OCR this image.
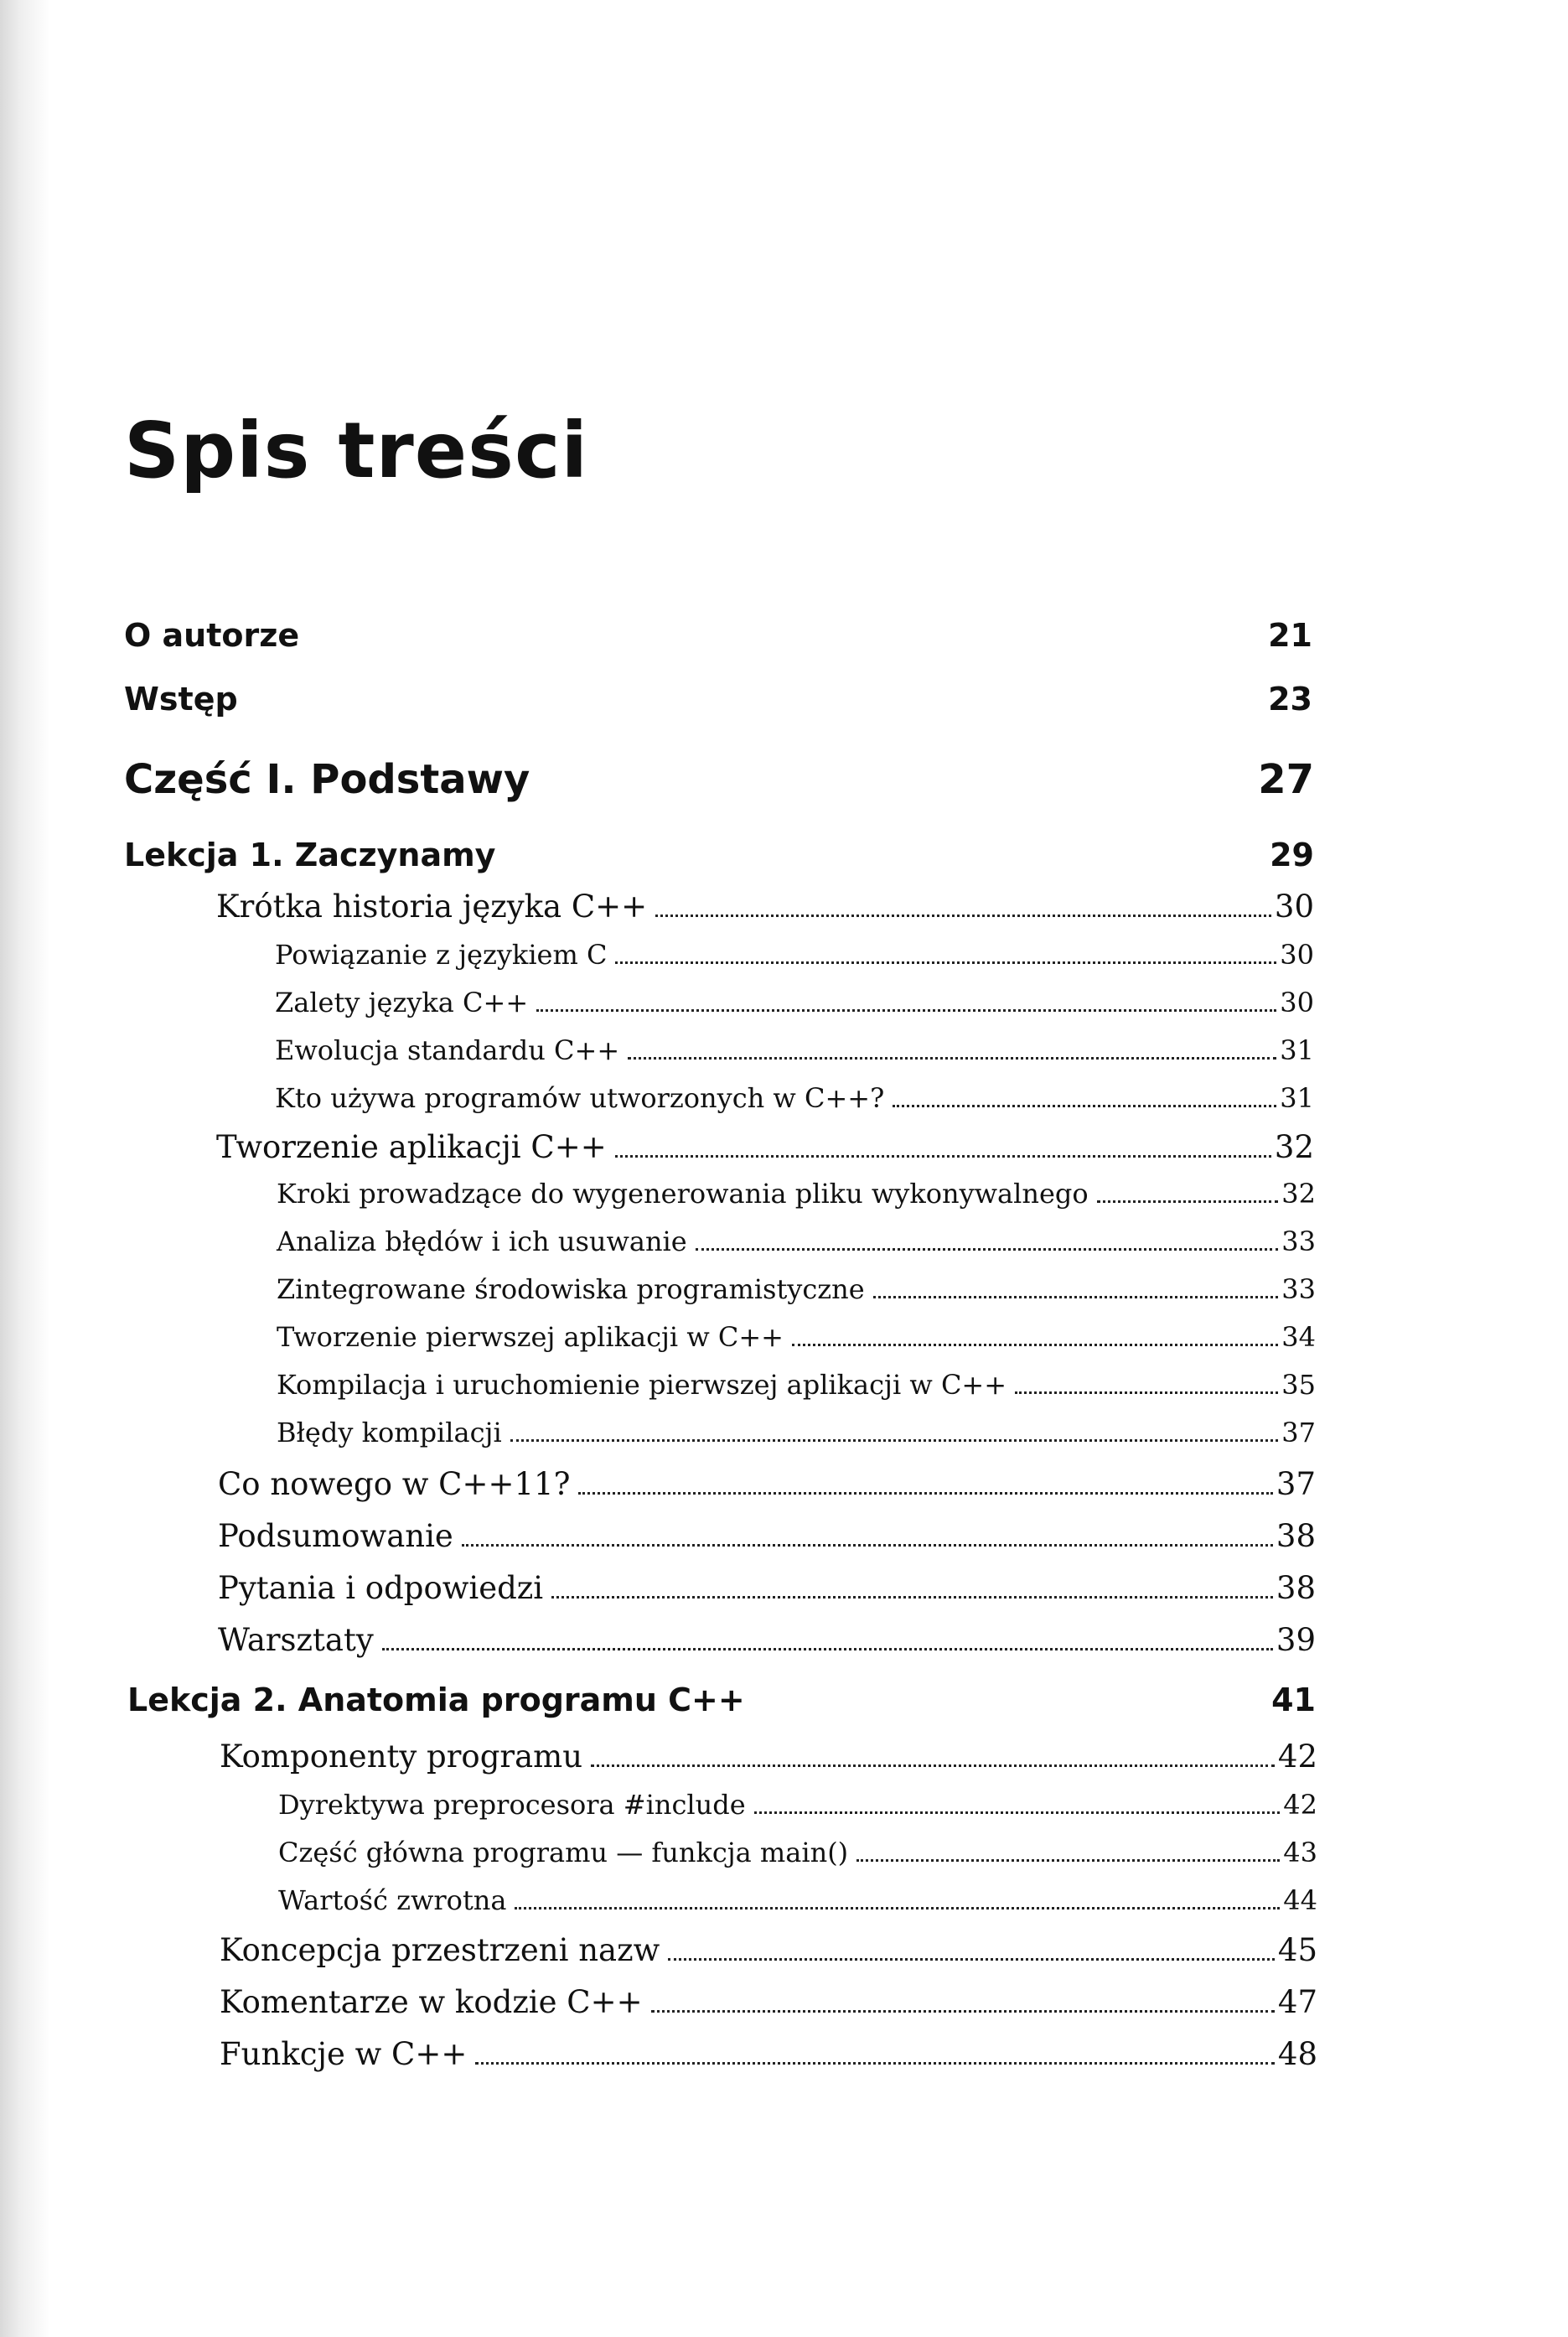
Spis treści
O autorze	21
Wstęp	23
Część I. Podstawy	27
Lekcja 1. Zaczynamy	29
Krótka historia języka C++	30
Powiązanie z językiem C	30
Zalety języka C++	30
Ewolucja standardu C++	31
Kto używa programów utworzonych w C++?	31
Tworzenie aplikacji C++	32
Kroki prowadzące do wygenerowania pliku wykonywalnego	32
Analiza błędów i ich usuwanie	33
Zintegrowane środowiska programistyczne	33
Tworzenie pierwszej aplikacji w C++	34
Kompilacja i uruchomienie pierwszej aplikacji w C++	35
Błędy kompilacji	37
Co nowego w C++11?	37
Podsumowanie	38
Pytania i odpowiedzi	38
Warsztaty	39
Lekcja 2. Anatomia programu C++	41
Komponenty programu	42
Dyrektywa preprocesora #include	42
Część główna programu — funkcja main()	43
Wartość zwrotna	44
Koncepcja przestrzeni nazw	45
Komentarze w kodzie C++	47
Funkcje w C++	48
